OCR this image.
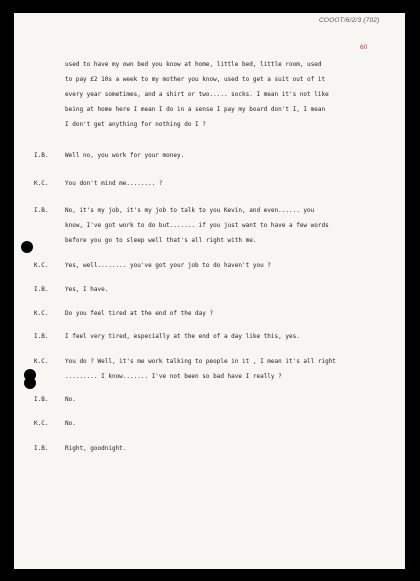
COOOT/6/2/3 (702)
60
used to have my own bed you know at home, little bed, little room, used
to pay £2 10s a week to my mother you know, used to get a suit out of it
every year sometimes, and a shirt or two..... socks. I mean it's not like
being at home here I mean I do in a sense I pay my board don't I, I mean
I don't get anything for nothing do I ?
I.B.	Well no, you work for your money.
K.C.	You don't mind me........ ?
I.B.	No, it's my job, it's my job to talk to you Kevin, and even...... you
know, I've got work to do but....... if you just want to have a few words
before you go to sleep well that's all right with me.
K.C.	Yes, well........ you've got your job to do haven't you ?
I.B.	Yes, I have.
K.C.	Do you feel tired at the end of the day ?
I.B.	I feel very tired, especially at the end of a day like this, yes.
K.C.	You do ? Well, it's me work talking to people in it , I mean it's all right
......... I know....... I've not been so bad have I really ?
I.B.	No.
K.C.	No.
I.B.	Right, goodnight.
